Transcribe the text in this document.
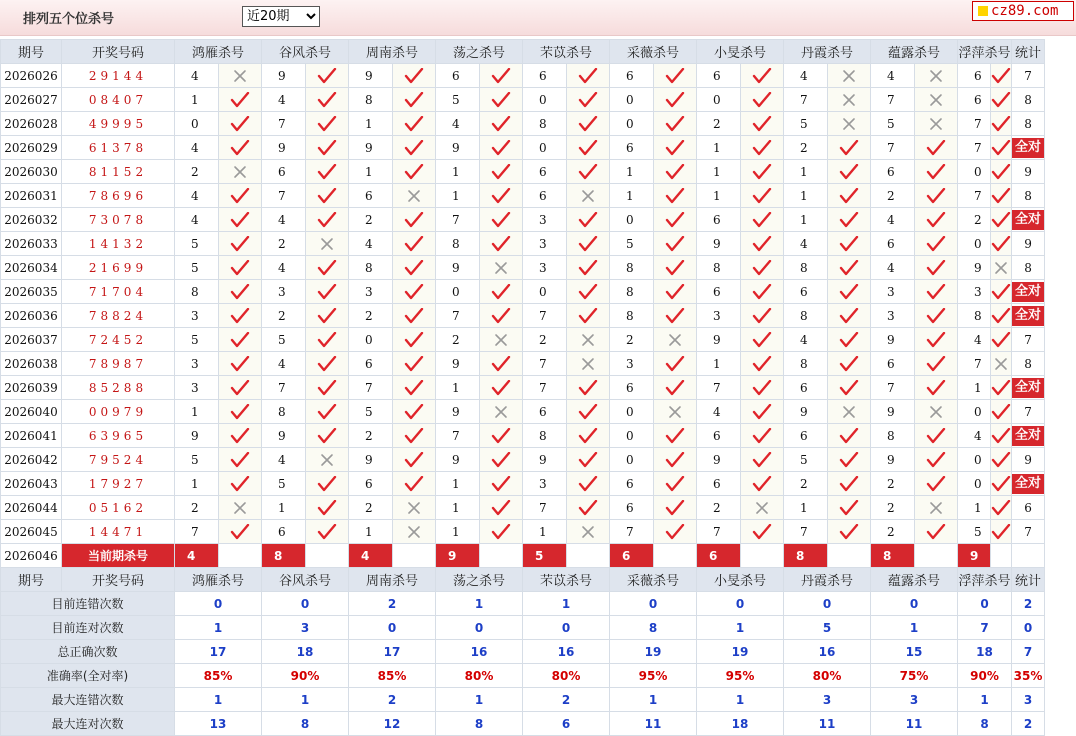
排列五个位杀号
近20期
cz89.com
期号	开奖号码	鸿雁杀号		谷风杀号		周南杀号		荡之杀号		芣苡杀号		采薇杀号		小旻杀号		丹霞杀号		蕴露杀号		浮萍杀号		统计
2026026	29144	4		9		9		6		6		6		6		4		4		6		7
2026027	08407	1		4		8		5		0		0		0		7		7		6		8
2026028	49995	0		7		1		4		8		0		2		5		5		7		8
2026029	61378	4		9		9		9		0		6		1		2		7		7		全对
2026030	81152	2		6		1		1		6		1		1		1		6		0		9
2026031	78696	4		7		6		1		6		1		1		1		2		7		8
2026032	73078	4		4		2		7		3		0		6		1		4		2		全对
2026033	14132	5		2		4		8		3		5		9		4		6		0		9
2026034	21699	5		4		8		9		3		8		8		8		4		9		8
2026035	71704	8		3		3		0		0		8		6		6		3		3		全对
2026036	78824	3		2		2		7		7		8		3		8		3		8		全对
2026037	72452	5		5		0		2		2		2		9		4		9		4		7
2026038	78987	3		4		6		9		7		3		1		8		6		7		8
2026039	85288	3		7		7		1		7		6		7		6		7		1		全对
2026040	00979	1		8		5		9		6		0		4		9		9		0		7
2026041	63965	9		9		2		7		8		0		6		6		8		4		全对
2026042	79524	5		4		9		9		9		0		9		5		9		0		9
2026043	17927	1		5		6		1		3		6		6		2		2		0		全对
2026044	05162	2		1		2		1		7		6		2		1		2		1		6
2026045	14471	7		6		1		1		1		7		7		7		2		5		7
2026046	当前期杀号	4		8		4		9		5		6		6		8		8		9		
期号	开奖号码	鸿雁杀号		谷风杀号		周南杀号		荡之杀号		芣苡杀号		采薇杀号		小旻杀号		丹霞杀号		蕴露杀号		浮萍杀号		统计
目前连错次数		0		0		2		1		1		0		0		0		0		0		2
目前连对次数		1		3		0		0		0		8		1		5		1		7		0
总正确次数		17		18		17		16		16		19		19		16		15		18		7
准确率(全对率)		85%		90%		85%		80%		80%		95%		95%		80%		75%		90%		35%
最大连错次数		1		1		2		1		2		1		1		3		3		1		3
最大连对次数		13		8		12		8		6		11		18		11		11		8		2
